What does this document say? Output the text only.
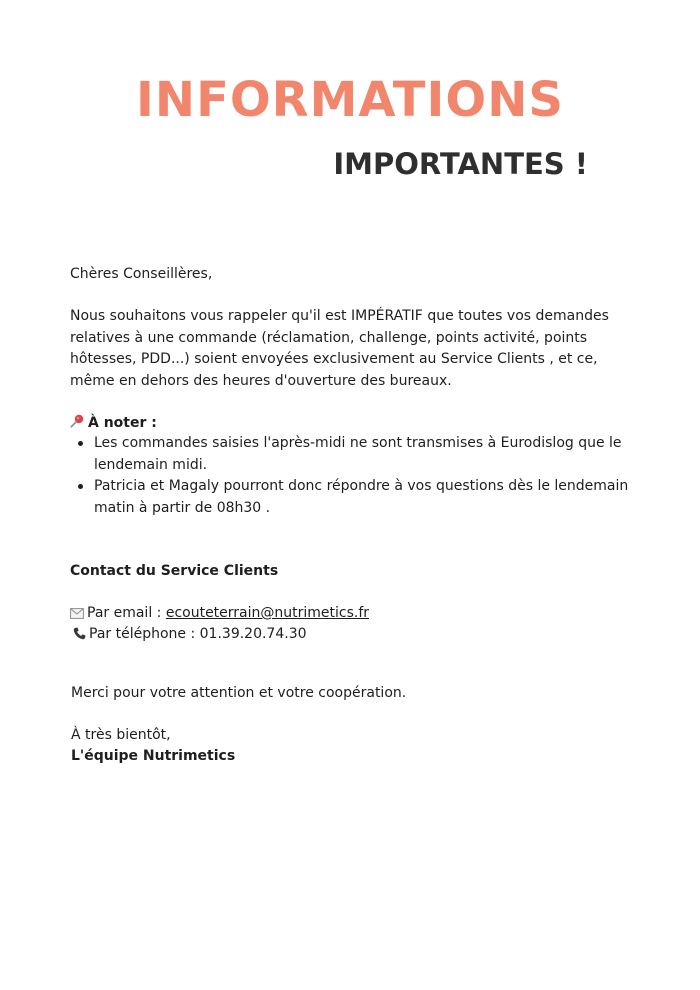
INFORMATIONS
IMPORTANTES !
Chères Conseillères,
Nous souhaitons vous rappeler qu'il est IMPÉRATIF que toutes vos demandes relatives à une commande (réclamation, challenge, points activité, points hôtesses, PDD...) soient envoyées exclusivement au Service Clients , et ce, même en dehors des heures d'ouverture des bureaux.
À noter :
Les commandes saisies l'après-midi ne sont transmises à Eurodislog que le lendemain midi.
Patricia et Magaly pourront donc répondre à vos questions dès le lendemain matin à partir de 08h30 .
Contact du Service Clients
Par email : ecouteterrain@nutrimetics.fr
Par téléphone : 01.39.20.74.30
Merci pour votre attention et votre coopération.
À très bientôt,
L'équipe Nutrimetics
